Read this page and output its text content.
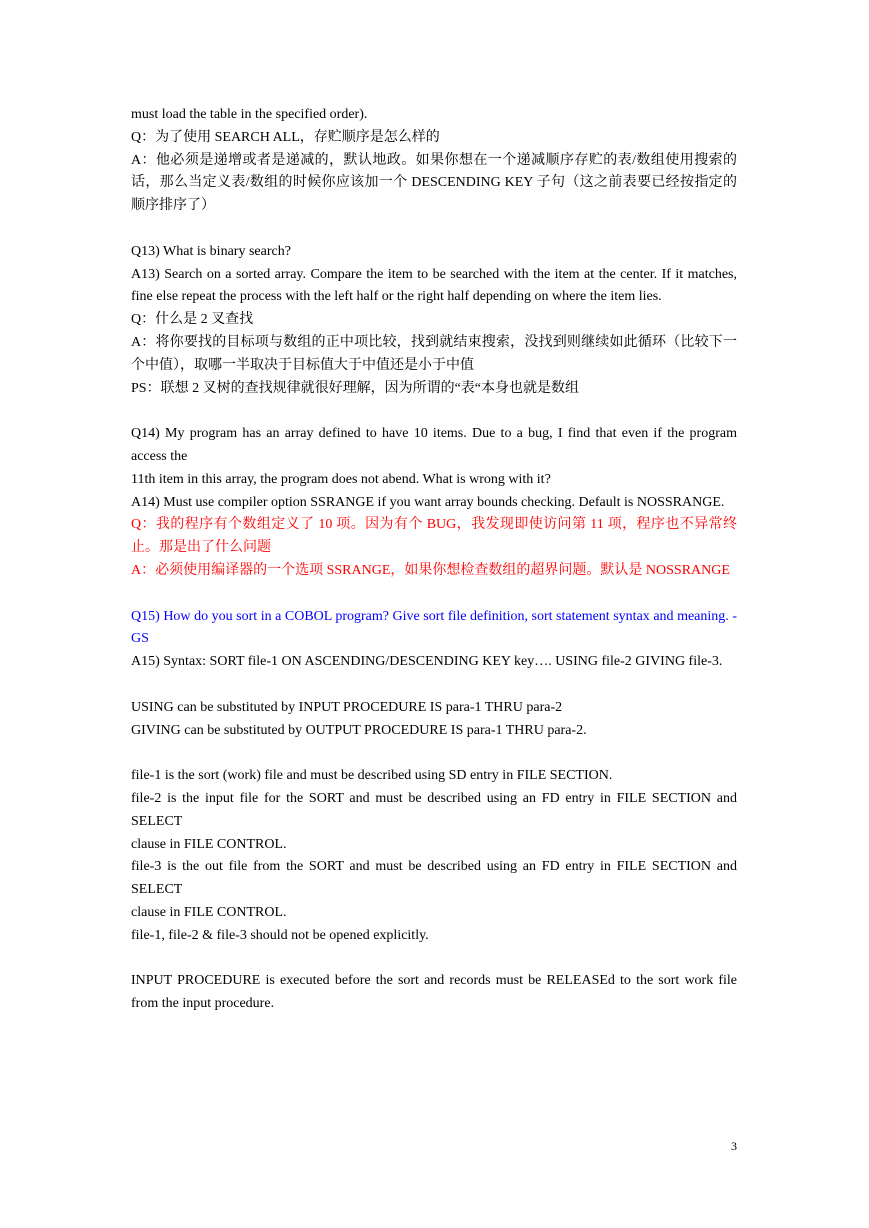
must load the table in the specified order).
Q：为了使用 SEARCH ALL，存贮顺序是怎么样的
A：他必须是递增或者是递减的，默认地政。如果你想在一个递减顺序存贮的表/数组使用搜索的话，那么当定义表/数组的时候你应该加一个 DESCENDING KEY 子句（这之前表要已经按指定的顺序排序了）
Q13) What is binary search?
A13) Search on a sorted array. Compare the item to be searched with the item at the center. If it matches, fine else repeat the process with the left half or the right half depending on where the item lies.
Q：什么是 2 叉查找
A：将你要找的目标项与数组的正中项比较，找到就结束搜索，没找到则继续如此循环（比较下一个中值），取哪一半取决于目标值大于中值还是小于中值
PS：联想 2 叉树的查找规律就很好理解，因为所谓的“表“本身也就是数组
Q14) My program has an array defined to have 10 items. Due to a bug, I find that even if the program access the
11th item in this array, the program does not abend. What is wrong with it?
A14) Must use compiler option SSRANGE if you want array bounds checking. Default is NOSSRANGE.
Q：我的程序有个数组定义了 10 项。因为有个 BUG，我发现即使访问第 11 项，程序也不异常终止。那是出了什么问题
A：必须使用编译器的一个选项 SSRANGE，如果你想检查数组的超界问题。默认是 NOSSRANGE
Q15) How do you sort in a COBOL program? Give sort file definition, sort statement syntax and meaning. - GS
A15) Syntax: SORT file-1 ON ASCENDING/DESCENDING KEY key…. USING file-2 GIVING file-3.
USING can be substituted by INPUT PROCEDURE IS para-1 THRU para-2
GIVING can be substituted by OUTPUT PROCEDURE IS para-1 THRU para-2.
file-1 is the sort (work) file and must be described using SD entry in FILE SECTION.
file-2 is the input file for the SORT and must be described using an FD entry in FILE SECTION and SELECT
clause in FILE CONTROL.
file-3 is the out file from the SORT and must be described using an FD entry in FILE SECTION and SELECT
clause in FILE CONTROL.
file-1, file-2 & file-3 should not be opened explicitly.
INPUT PROCEDURE is executed before the sort and records must be RELEASEd to the sort work file from the input procedure.
3
